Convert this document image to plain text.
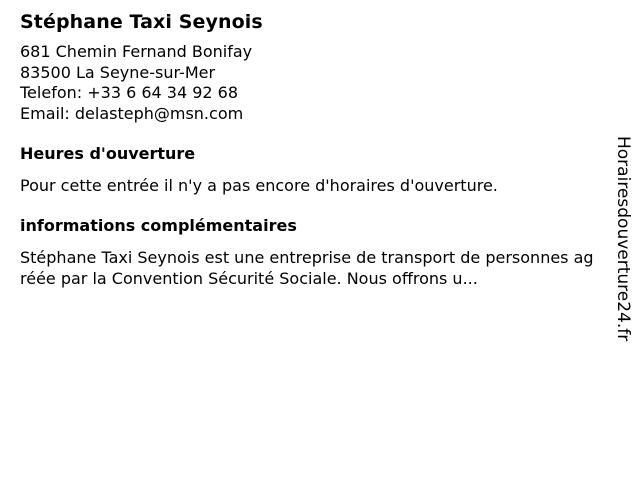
Stéphane Taxi Seynois

681 Chemin Fernand Bonifay

83500 La Seyne-sur-Mer

Telefon: +33 6 64 34 92 68

Email: delasteph@msn.com

Heures d'ouverture

Pour cette entrée il n'y a pas encore d'horaires d'ouverture.

informations complémentaires

Stéphane Taxi Seynois est une entreprise de transport de personnes agréée par la Convention Sécurité Sociale. Nous offrons u...	Horairesdouverture24.fr
